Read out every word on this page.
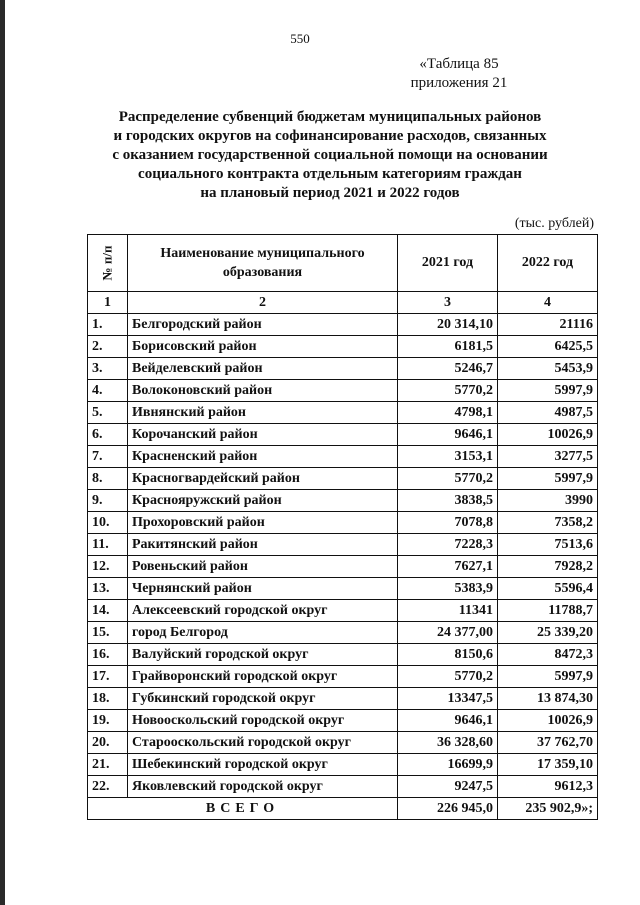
550
«Таблица 85
приложения 21
Распределение субвенций бюджетам муниципальных районов
и городских округов на софинансирование расходов, связанных
с оказанием государственной социальной помощи на основании
социального контракта отдельным категориям граждан
на плановый период 2021 и 2022 годов
(тыс. рублей)
№ п/п	Наименование муниципального образования	2021 год	2022 год
1	2	3	4
1.	Белгородский район	20 314,10	21116
2.	Борисовский район	6181,5	6425,5
3.	Вейделевский район	5246,7	5453,9
4.	Волоконовский район	5770,2	5997,9
5.	Ивнянский район	4798,1	4987,5
6.	Корочанский район	9646,1	10026,9
7.	Красненский район	3153,1	3277,5
8.	Красногвардейский район	5770,2	5997,9
9.	Краснояружский район	3838,5	3990
10.	Прохоровский район	7078,8	7358,2
11.	Ракитянский район	7228,3	7513,6
12.	Ровеньский район	7627,1	7928,2
13.	Чернянский район	5383,9	5596,4
14.	Алексеевский городской округ	11341	11788,7
15.	город Белгород	24 377,00	25 339,20
16.	Валуйский городской округ	8150,6	8472,3
17.	Грайворонский городской округ	5770,2	5997,9
18.	Губкинский городской округ	13347,5	13 874,30
19.	Новооскольский городской округ	9646,1	10026,9
20.	Старооскольский городской округ	36 328,60	37 762,70
21.	Шебекинский городской округ	16699,9	17 359,10
22.	Яковлевский городской округ	9247,5	9612,3
ВСЕГО		226 945,0	235 902,9»;
